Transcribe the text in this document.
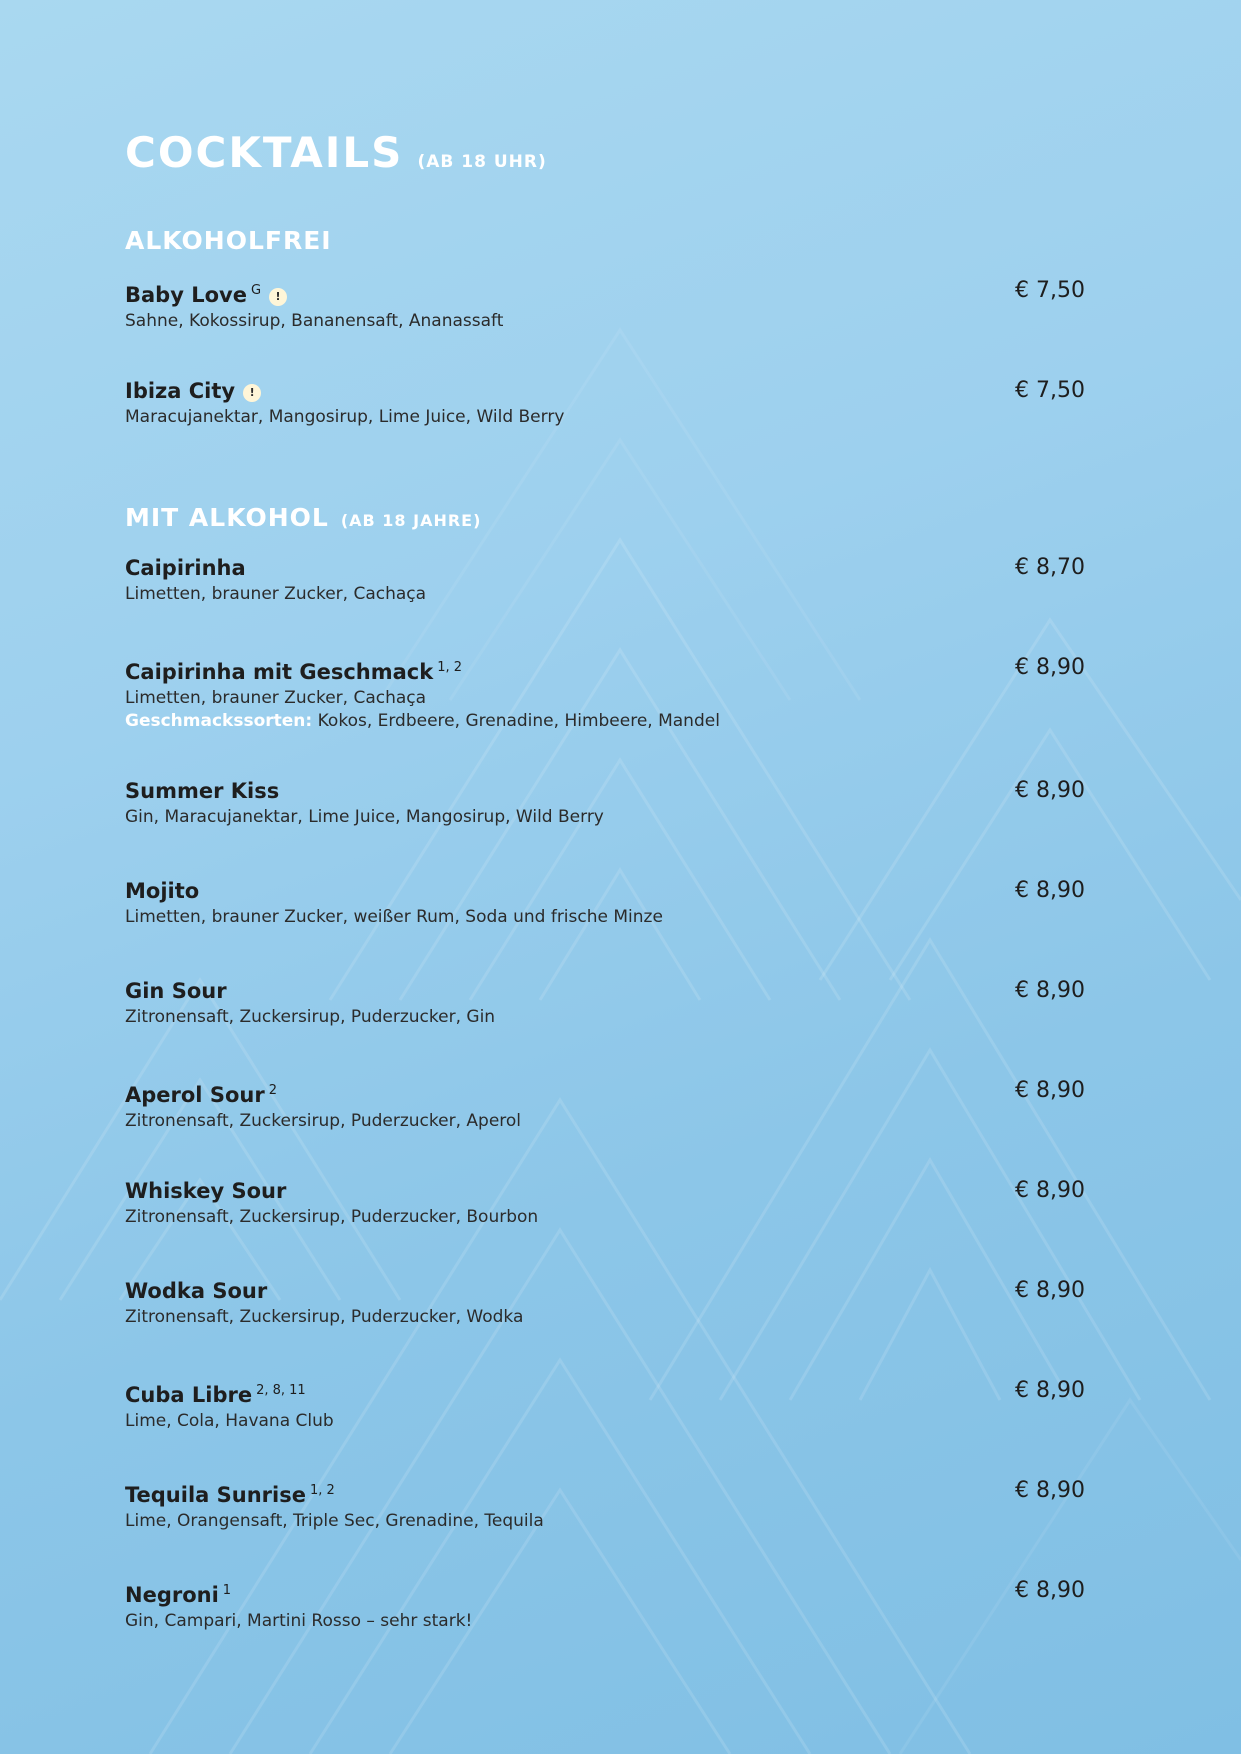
COCKTAILS (AB 18 UHR)
ALKOHOLFREI
Baby Love $^G$ !
Sahne, Kokossirup, Bananensaft, Ananassaft
€ 7,50
Ibiza City !
Maracujanektar, Mangosirup, Lime Juice, Wild Berry
€ 7,50
MIT ALKOHOL (AB 18 JAHRE)
Caipirinha
Limetten, brauner Zucker, Cachaça
€ 8,70
Caipirinha mit Geschmack $^{1, 2}$
Limetten, brauner Zucker, Cachaça
Geschmackssorten: Kokos, Erdbeere, Grenadine, Himbeere, Mandel
€ 8,90
Summer Kiss
Gin, Maracujanektar, Lime Juice, Mangosirup, Wild Berry
€ 8,90
Mojito
Limetten, brauner Zucker, weißer Rum, Soda und frische Minze
€ 8,90
Gin Sour
Zitronensaft, Zuckersirup, Puderzucker, Gin
€ 8,90
Aperol Sour $^2$
Zitronensaft, Zuckersirup, Puderzucker, Aperol
€ 8,90
Whiskey Sour
Zitronensaft, Zuckersirup, Puderzucker, Bourbon
€ 8,90
Wodka Sour
Zitronensaft, Zuckersirup, Puderzucker, Wodka
€ 8,90
Cuba Libre $^{2, 8, 11}$
Lime, Cola, Havana Club
€ 8,90
Tequila Sunrise $^{1, 2}$
Lime, Orangensaft, Triple Sec, Grenadine, Tequila
€ 8,90
Negroni $^1$
Gin, Campari, Martini Rosso – sehr stark!
€ 8,90
